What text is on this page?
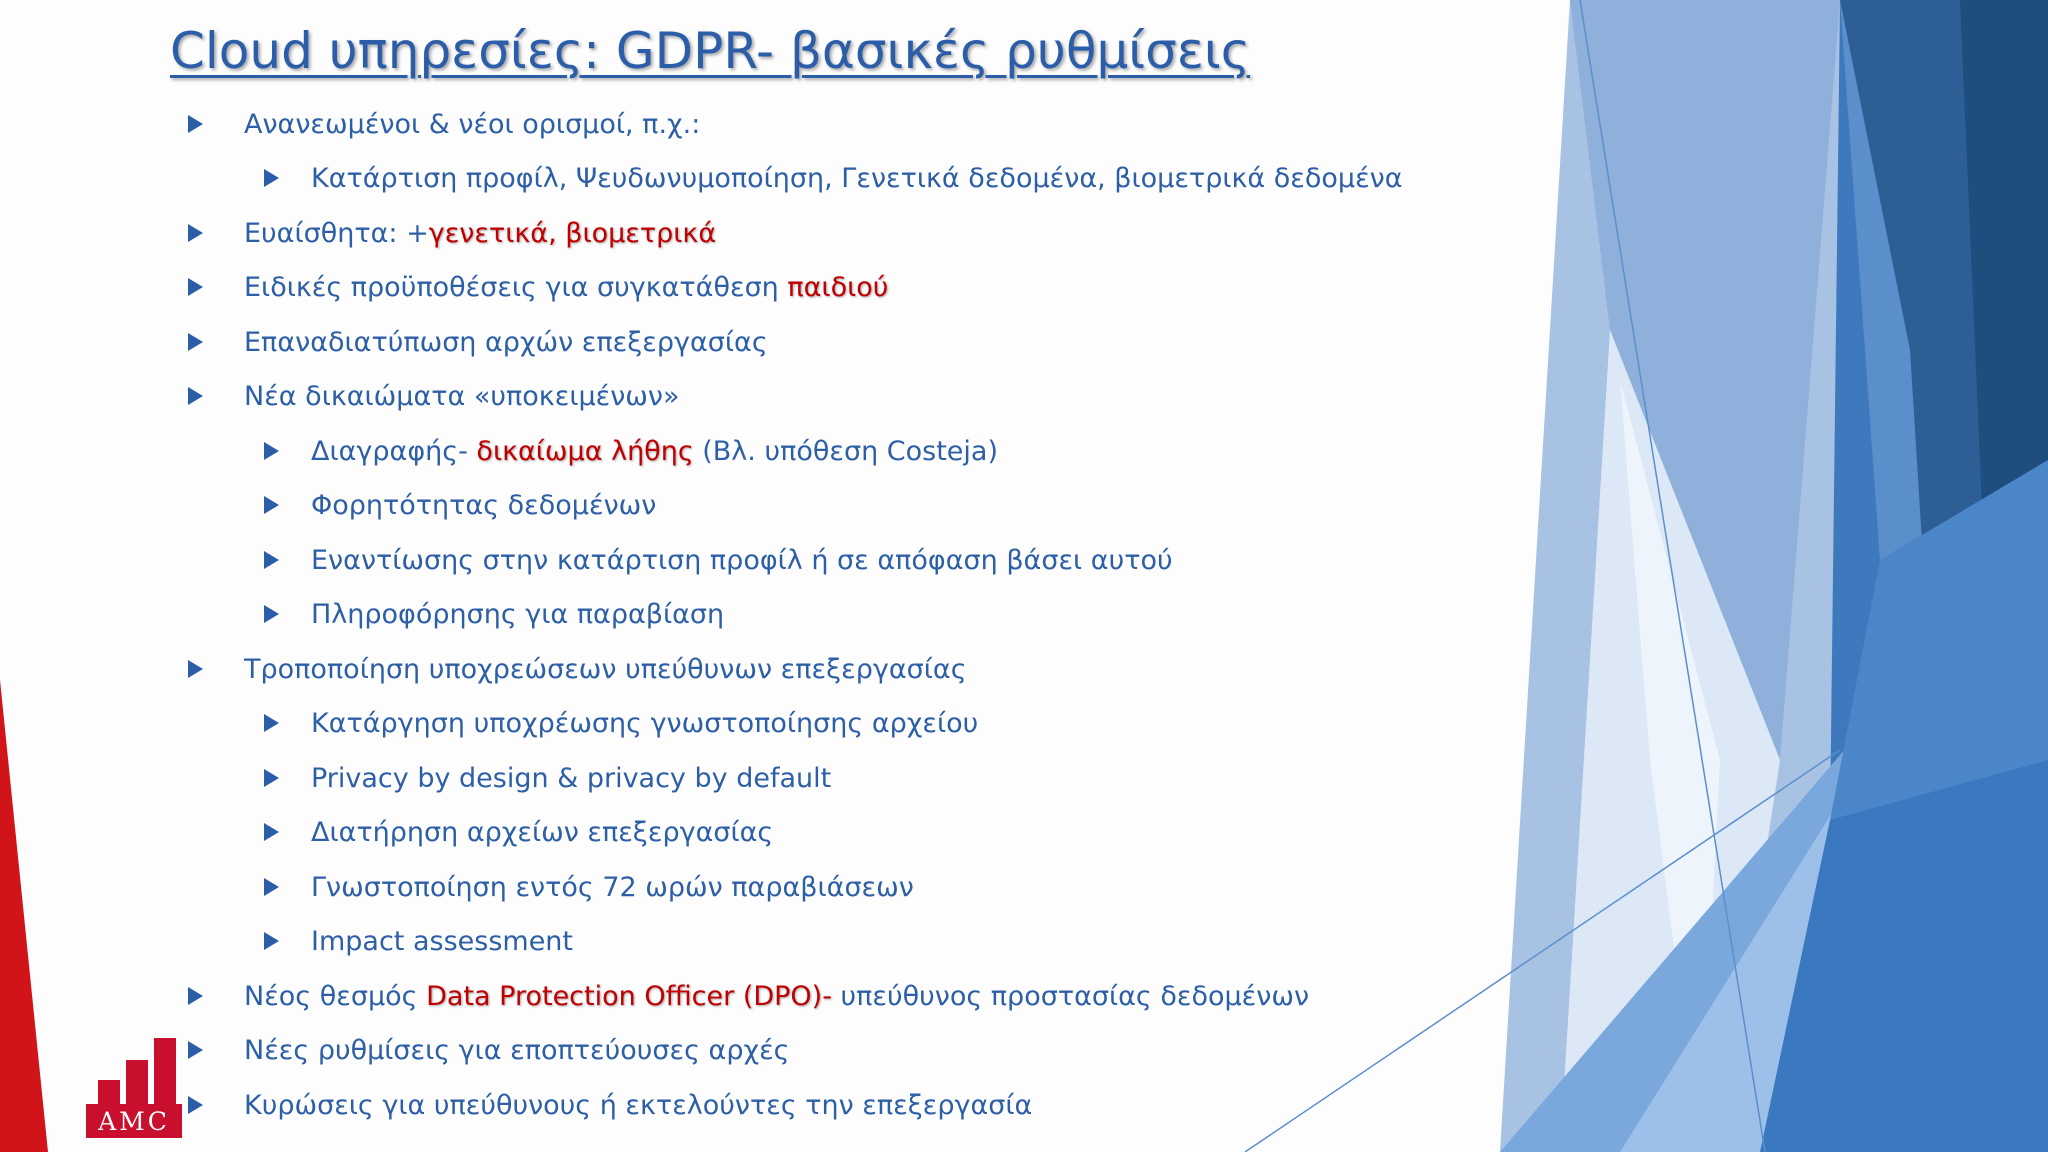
Cloud υπηρεσίες: GDPR- βασικές ρυθμίσεις
Ανανεωμένοι & νέοι ορισμοί, π.χ.:
Κατάρτιση προφίλ, Ψευδωνυμοποίηση, Γενετικά δεδομένα, βιομετρικά δεδομένα
Ευαίσθητα: + γενετικά, βιομετρικά
Ειδικές προϋποθέσεις για συγκατάθεση παιδιού
Επαναδιατύπωση αρχών επεξεργασίας
Νέα δικαιώματα «υποκειμένων»
Διαγραφής- δικαίωμα λήθης (Βλ. υπόθεση Costeja)
Φορητότητας δεδομένων
Εναντίωσης στην κατάρτιση προφίλ ή σε απόφαση βάσει αυτού
Πληροφόρησης για παραβίαση
Τροποποίηση υποχρεώσεων υπεύθυνων επεξεργασίας
Κατάργηση υποχρέωσης γνωστοποίησης αρχείου
Privacy by design & privacy by default
Διατήρηση αρχείων επεξεργασίας
Γνωστοποίηση εντός 72 ωρών παραβιάσεων
Impact assessment
Νέος θεσμός Data Protection Officer (DPO)- υπεύθυνος προστασίας δεδομένων
Νέες ρυθμίσεις για εποπτεύουσες αρχές
Κυρώσεις για υπεύθυνους ή εκτελούντες την επεξεργασία
AMC
